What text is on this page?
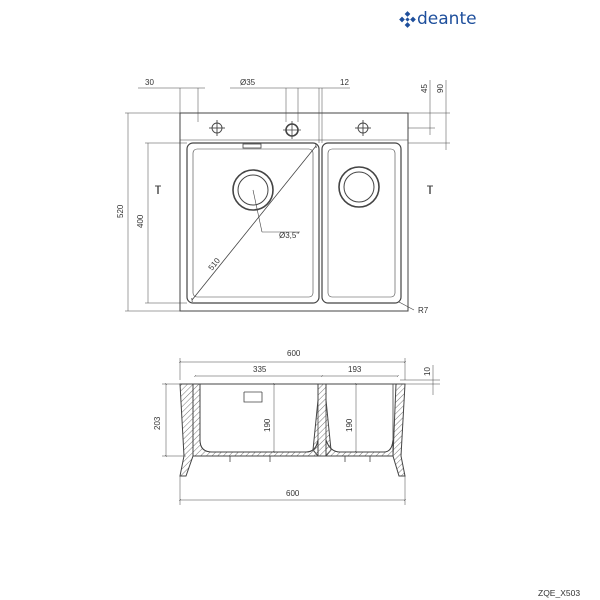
deante
30	Ø35	12
45 90
520
400
510
Ø3,5"
R7
600
335	193	10
203	190	190
600
ZQE_X503
